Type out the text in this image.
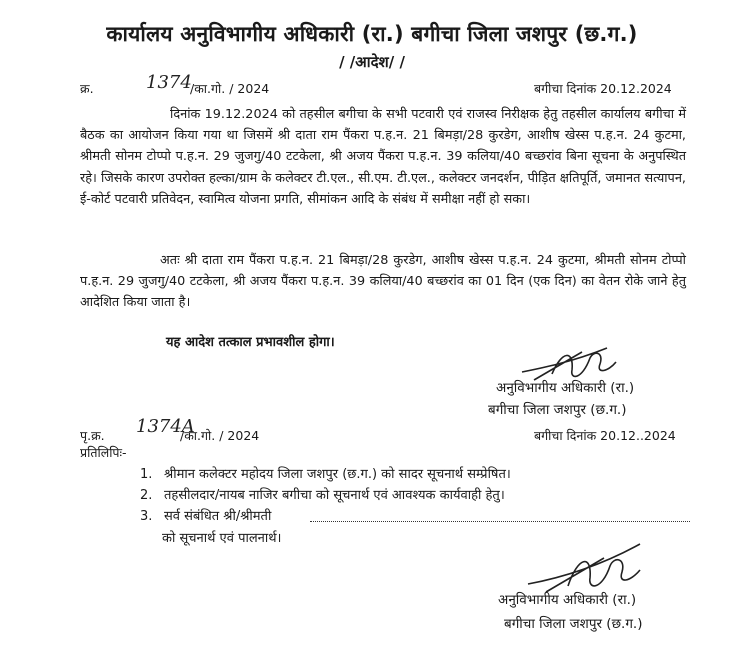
कार्यालय अनुविभागीय अधिकारी (रा.) बगीचा जिला जशपुर (छ.ग.)
/ /आदेश/ /
क्र.	1374
/का.गो. / 2024	बगीचा दिनांक 20.12.2024
दिनांक 19.12.2024 को तहसील बगीचा के सभी पटवारी एवं राजस्व निरीक्षक हेतु तहसील कार्यालय बगीचा में बैठक का आयोजन किया गया था जिसमें श्री दाता राम पैंकरा प.ह.न. 21 बिमड़ा/28 कुरडेग, आशीष खेस्स प.ह.न. 24 कुटमा, श्रीमती सोनम टोप्पो प.ह.न. 29 जुजगु/40 टटकेला, श्री अजय पैंकरा प.ह.न. 39 कलिया/40 बच्छरांव बिना सूचना के अनुपस्थित रहे। जिसके कारण उपरोक्त हल्का/ग्राम के कलेक्टर टी.एल., सी.एम. टी.एल., कलेक्टर जनदर्शन, पीड़ित क्षतिपूर्ति, जमानत सत्यापन, ई-कोर्ट पटवारी प्रतिवेदन, स्वामित्व योजना प्रगति, सीमांकन आदि के संबंध में समीक्षा नहीं हो सका।
अतः श्री दाता राम पैंकरा प.ह.न. 21 बिमड़ा/28 कुरडेग, आशीष खेस्स प.ह.न. 24 कुटमा, श्रीमती सोनम टोप्पो प.ह.न. 29 जुजगु/40 टटकेला, श्री अजय पैंकरा प.ह.न. 39 कलिया/40 बच्छरांव का 01 दिन (एक दिन) का वेतन रोके जाने हेतु आदेशित किया जाता है।
यह आदेश तत्काल प्रभावशील होगा।
अनुविभागीय अधिकारी (रा.)
बगीचा जिला जशपुर (छ.ग.)
पृ.क्र. 1374A
/का.गो. / 2024	बगीचा दिनांक 20.12..2024
प्रतिलिपिः-
1. श्रीमान कलेक्टर महोदय जिला जशपुर (छ.ग.) को सादर सूचनार्थ सम्प्रेषित।
2. तहसीलदार/नायब नाजिर बगीचा को सूचनार्थ एवं आवश्यक कार्यवाही हेतु।
3. सर्व संबंधित श्री/श्रीमती
को सूचनार्थ एवं पालनार्थ।
अनुविभागीय अधिकारी (रा.)
बगीचा जिला जशपुर (छ.ग.)
